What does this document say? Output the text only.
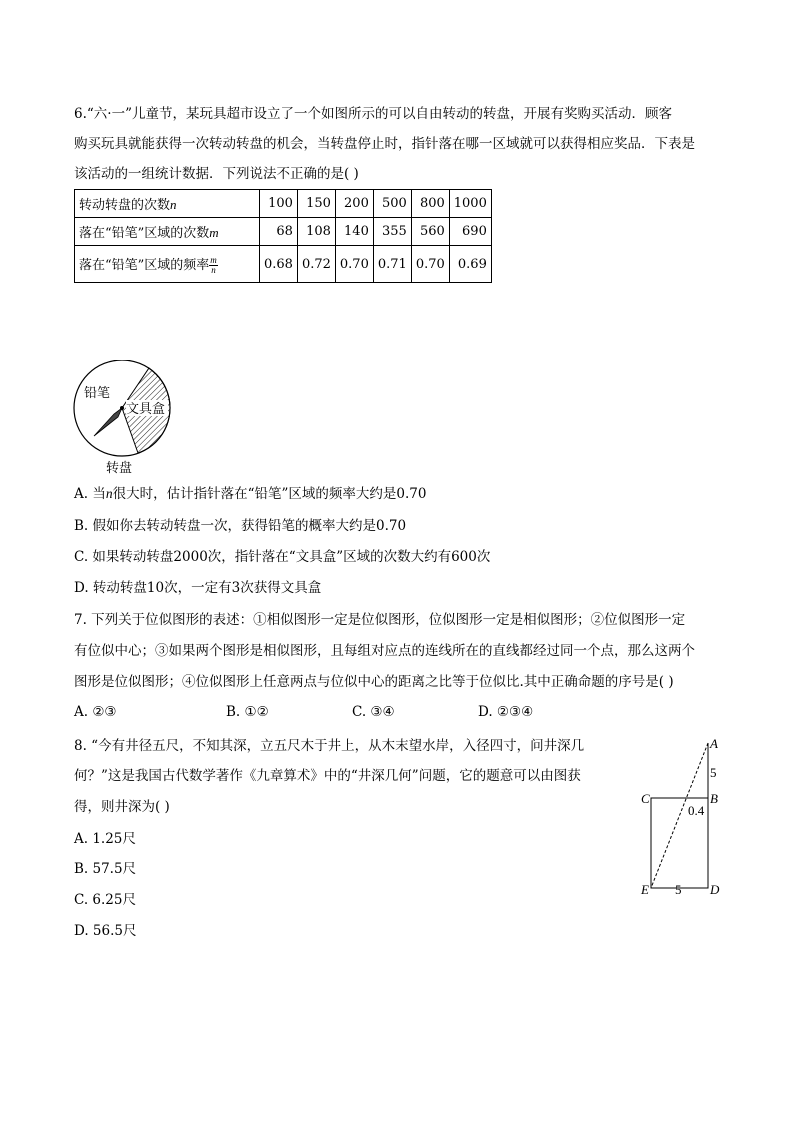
6.“六·一”儿童节，某玩具超市设立了一个如图所示的可以自由转动的转盘，开展有奖购买活动．顾客
购买玩具就能获得一次转动转盘的机会，当转盘停止时，指针落在哪一区域就可以获得相应奖品．下表是
该活动的一组统计数据．下列说法不正确的是( )
转动转盘的次数n	100	150	200	500	800	1000
落在“铅笔”区域的次数m	68	108	140	355	560	690
落在“铅笔”区域的频率 $\frac{m}{n}$	0.68	0.72	0.70	0.71	0.70	0.69
铅笔
文具盒
转盘
A. 当n很大时，估计指针落在“铅笔”区域的频率大约是0.70
B. 假如你去转动转盘一次，获得铅笔的概率大约是0.70
C. 如果转动转盘2000次，指针落在“文具盒”区域的次数大约有600次
D. 转动转盘10次，一定有3次获得文具盒
7. 下列关于位似图形的表述：①相似图形一定是位似图形，位似图形一定是相似图形；②位似图形一定
有位似中心；③如果两个图形是相似图形，且每组对应点的连线所在的直线都经过同一个点，那么这两个
图形是位似图形；④位似图形上任意两点与位似中心的距离之比等于位似比.其中正确命题的序号是( )
A. ②③	B. ①②	C. ③④	D. ②③④
8. “今有井径五尺，不知其深，立五尺木于井上，从木末望水岸，入径四寸，问井深几
何？”这是我国古代数学著作《九章算术》中的“井深几何”问题，它的题意可以由图获
得，则井深为( )
A. 1.25尺
B. 57.5尺
C. 6.25尺
D. 56.5尺
A
5
C	B
0.4
E 5 D
